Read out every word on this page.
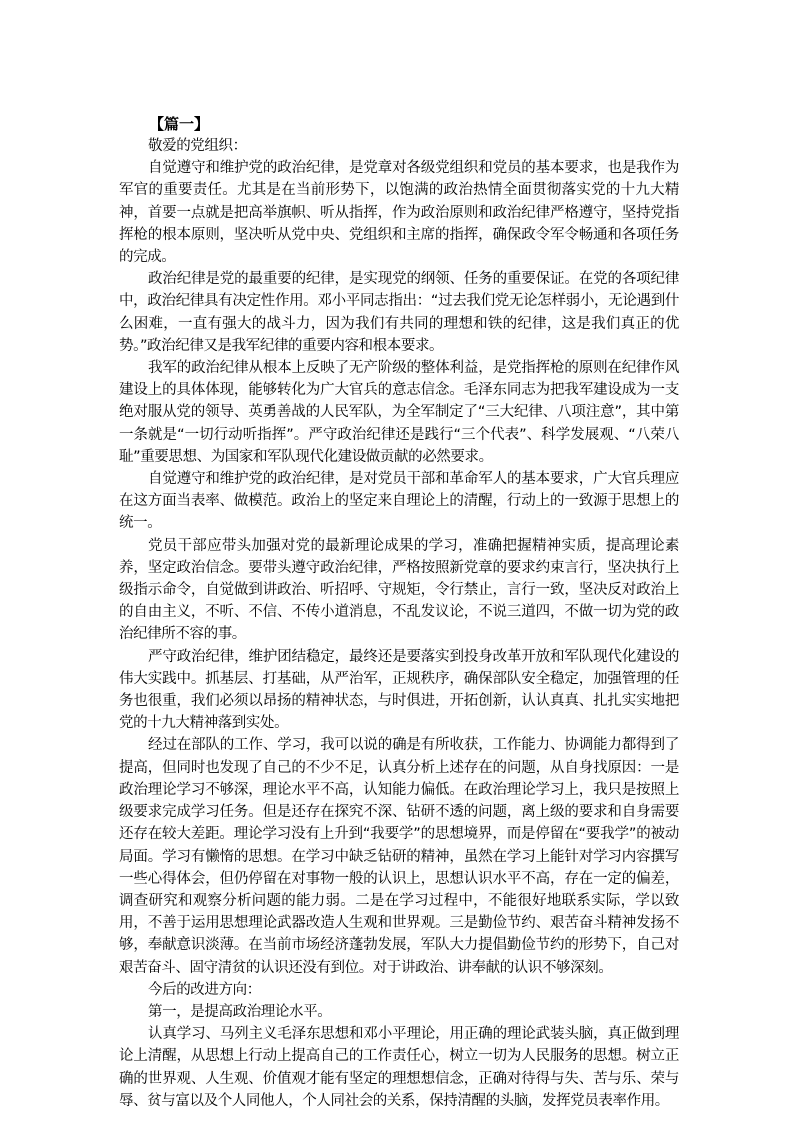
【篇一】

敬爱的党组织：

自觉遵守和维护党的政治纪律，是党章对各级党组织和党员的基本要求，也是我作为军官的重要责任。尤其是在当前形势下，以饱满的政治热情全面贯彻落实党的十九大精神，首要一点就是把高举旗帜、听从指挥，作为政治原则和政治纪律严格遵守，坚持党指挥枪的根本原则，坚决听从党中央、党组织和主席的指挥，确保政令军令畅通和各项任务的完成。

政治纪律是党的最重要的纪律，是实现党的纲领、任务的重要保证。在党的各项纪律中，政治纪律具有决定性作用。邓小平同志指出：“过去我们党无论怎样弱小，无论遇到什么困难，一直有强大的战斗力，因为我们有共同的理想和铁的纪律，这是我们真正的优势。”政治纪律又是我军纪律的重要内容和根本要求。

我军的政治纪律从根本上反映了无产阶级的整体利益，是党指挥枪的原则在纪律作风建设上的具体体现，能够转化为广大官兵的意志信念。毛泽东同志为把我军建设成为一支绝对服从党的领导、英勇善战的人民军队，为全军制定了“三大纪律、八项注意”，其中第一条就是“一切行动听指挥”。严守政治纪律还是践行“三个代表”、科学发展观、“八荣八耻”重要思想、为国家和军队现代化建设做贡献的必然要求。

自觉遵守和维护党的政治纪律，是对党员干部和革命军人的基本要求，广大官兵理应在这方面当表率、做模范。政治上的坚定来自理论上的清醒，行动上的一致源于思想上的统一。

党员干部应带头加强对党的最新理论成果的学习，准确把握精神实质，提高理论素养，坚定政治信念。要带头遵守政治纪律，严格按照新党章的要求约束言行，坚决执行上级指示命令，自觉做到讲政治、听招呼、守规矩，令行禁止，言行一致，坚决反对政治上的自由主义，不听、不信、不传小道消息，不乱发议论，不说三道四，不做一切为党的政治纪律所不容的事。

严守政治纪律，维护团结稳定，最终还是要落实到投身改革开放和军队现代化建设的伟大实践中。抓基层、打基础，从严治军，正规秩序，确保部队安全稳定，加强管理的任务也很重，我们必须以昂扬的精神状态，与时俱进，开拓创新，认认真真、扎扎实实地把党的十九大精神落到实处。

经过在部队的工作、学习，我可以说的确是有所收获，工作能力、协调能力都得到了提高，但同时也发现了自己的不少不足，认真分析上述存在的问题，从自身找原因：一是政治理论学习不够深，理论水平不高，认知能力偏低。在政治理论学习上，我只是按照上级要求完成学习任务。但是还存在探究不深、钻研不透的问题，离上级的要求和自身需要还存在较大差距。理论学习没有上升到“我要学”的思想境界，而是停留在“要我学”的被动局面。学习有懒惰的思想。在学习中缺乏钻研的精神，虽然在学习上能针对学习内容撰写一些心得体会，但仍停留在对事物一般的认识上，思想认识水平不高，存在一定的偏差，调查研究和观察分析问题的能力弱。二是在学习过程中，不能很好地联系实际，学以致用，不善于运用思想理论武器改造人生观和世界观。三是勤俭节约、艰苦奋斗精神发扬不够，奉献意识淡薄。在当前市场经济蓬勃发展，军队大力提倡勤俭节约的形势下，自己对艰苦奋斗、固守清贫的认识还没有到位。对于讲政治、讲奉献的认识不够深刻。

今后的改进方向：

第一，是提高政治理论水平。

认真学习、马列主义毛泽东思想和邓小平理论，用正确的理论武装头脑，真正做到理论上清醒，从思想上行动上提高自己的工作责任心，树立一切为人民服务的思想。树立正确的世界观、人生观、价值观才能有坚定的理想想信念，正确对待得与失、苦与乐、荣与辱、贫与富以及个人同他人，个人同社会的关系，保持清醒的头脑，发挥党员表率作用。
